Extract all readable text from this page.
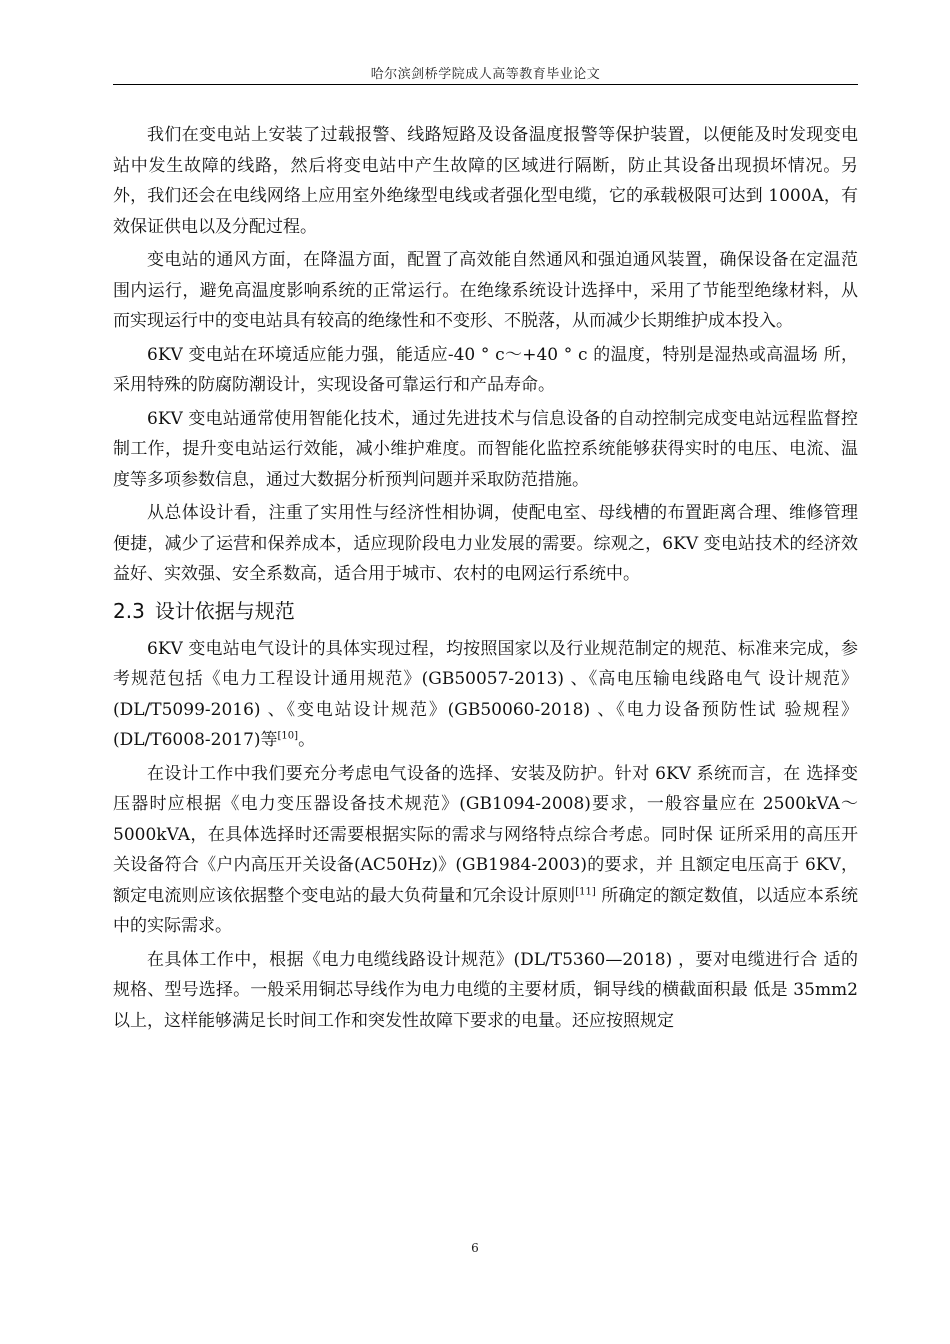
哈尔滨剑桥学院成人高等教育毕业论文

我们在变电站上安装了过载报警、线路短路及设备温度报警等保护装置，以便能及时发现变电站中发生故障的线路，然后将变电站中产生故障的区域进行隔断，防止其设备出现损坏情况。另外，我们还会在电线网络上应用室外绝缘型电线或者强化型电缆，它的承载极限可达到 1000A，有效保证供电以及分配过程。

变电站的通风方面，在降温方面，配置了高效能自然通风和强迫通风装置，确保设备在定温范围内运行，避免高温度影响系统的正常运行。在绝缘系统设计选择中，采用了节能型绝缘材料，从而实现运行中的变电站具有较高的绝缘性和不变形、不脱落，从而减少长期维护成本投入。

6KV 变电站在环境适应能力强，能适应-40 ° c～+40 ° c 的温度，特别是湿热或高温场 所，采用特殊的防腐防潮设计，实现设备可靠运行和产品寿命。

6KV 变电站通常使用智能化技术，通过先进技术与信息设备的自动控制完成变电站远程监督控制工作，提升变电站运行效能，减小维护难度。而智能化监控系统能够获得实时的电压、电流、温度等多项参数信息，通过大数据分析预判问题并采取防范措施。

从总体设计看，注重了实用性与经济性相协调，使配电室、母线槽的布置距离合理、维修管理便捷，减少了运营和保养成本，适应现阶段电力业发展的需要。综观之，6KV 变电站技术的经济效益好、实效强、安全系数高，适合用于城市、农村的电网运行系统中。

2.3 设计依据与规范

6KV 变电站电气设计的具体实现过程，均按照国家以及行业规范制定的规范、标准来完成，参考规范包括《电力工程设计通用规范》(GB50057-2013) 、《高电压输电线路电气 设计规范》(DL/T5099-2016) 、《变电站设计规范》(GB50060-2018) 、《电力设备预防性试 验规程》(DL/T6008-2017)等[10]。

在设计工作中我们要充分考虑电气设备的选择、安装及防护。针对 6KV 系统而言，在 选择变压器时应根据《电力变压器设备技术规范》(GB1094-2008)要求，一般容量应在 2500kVA～5000kVA，在具体选择时还需要根据实际的需求与网络特点综合考虑。同时保 证所采用的高压开关设备符合《户内高压开关设备(AC50Hz)》(GB1984-2003)的要求，并 且额定电压高于 6KV，额定电流则应该依据整个变电站的最大负荷量和冗余设计原则[11] 所确定的额定数值，以适应本系统中的实际需求。

在具体工作中，根据《电力电缆线路设计规范》(DL/T5360—2018) ，要对电缆进行合 适的规格、型号选择。一般采用铜芯导线作为电力电缆的主要材质，铜导线的横截面积最 低是 35mm2 以上，这样能够满足长时间工作和突发性故障下要求的电量。还应按照规定

6
